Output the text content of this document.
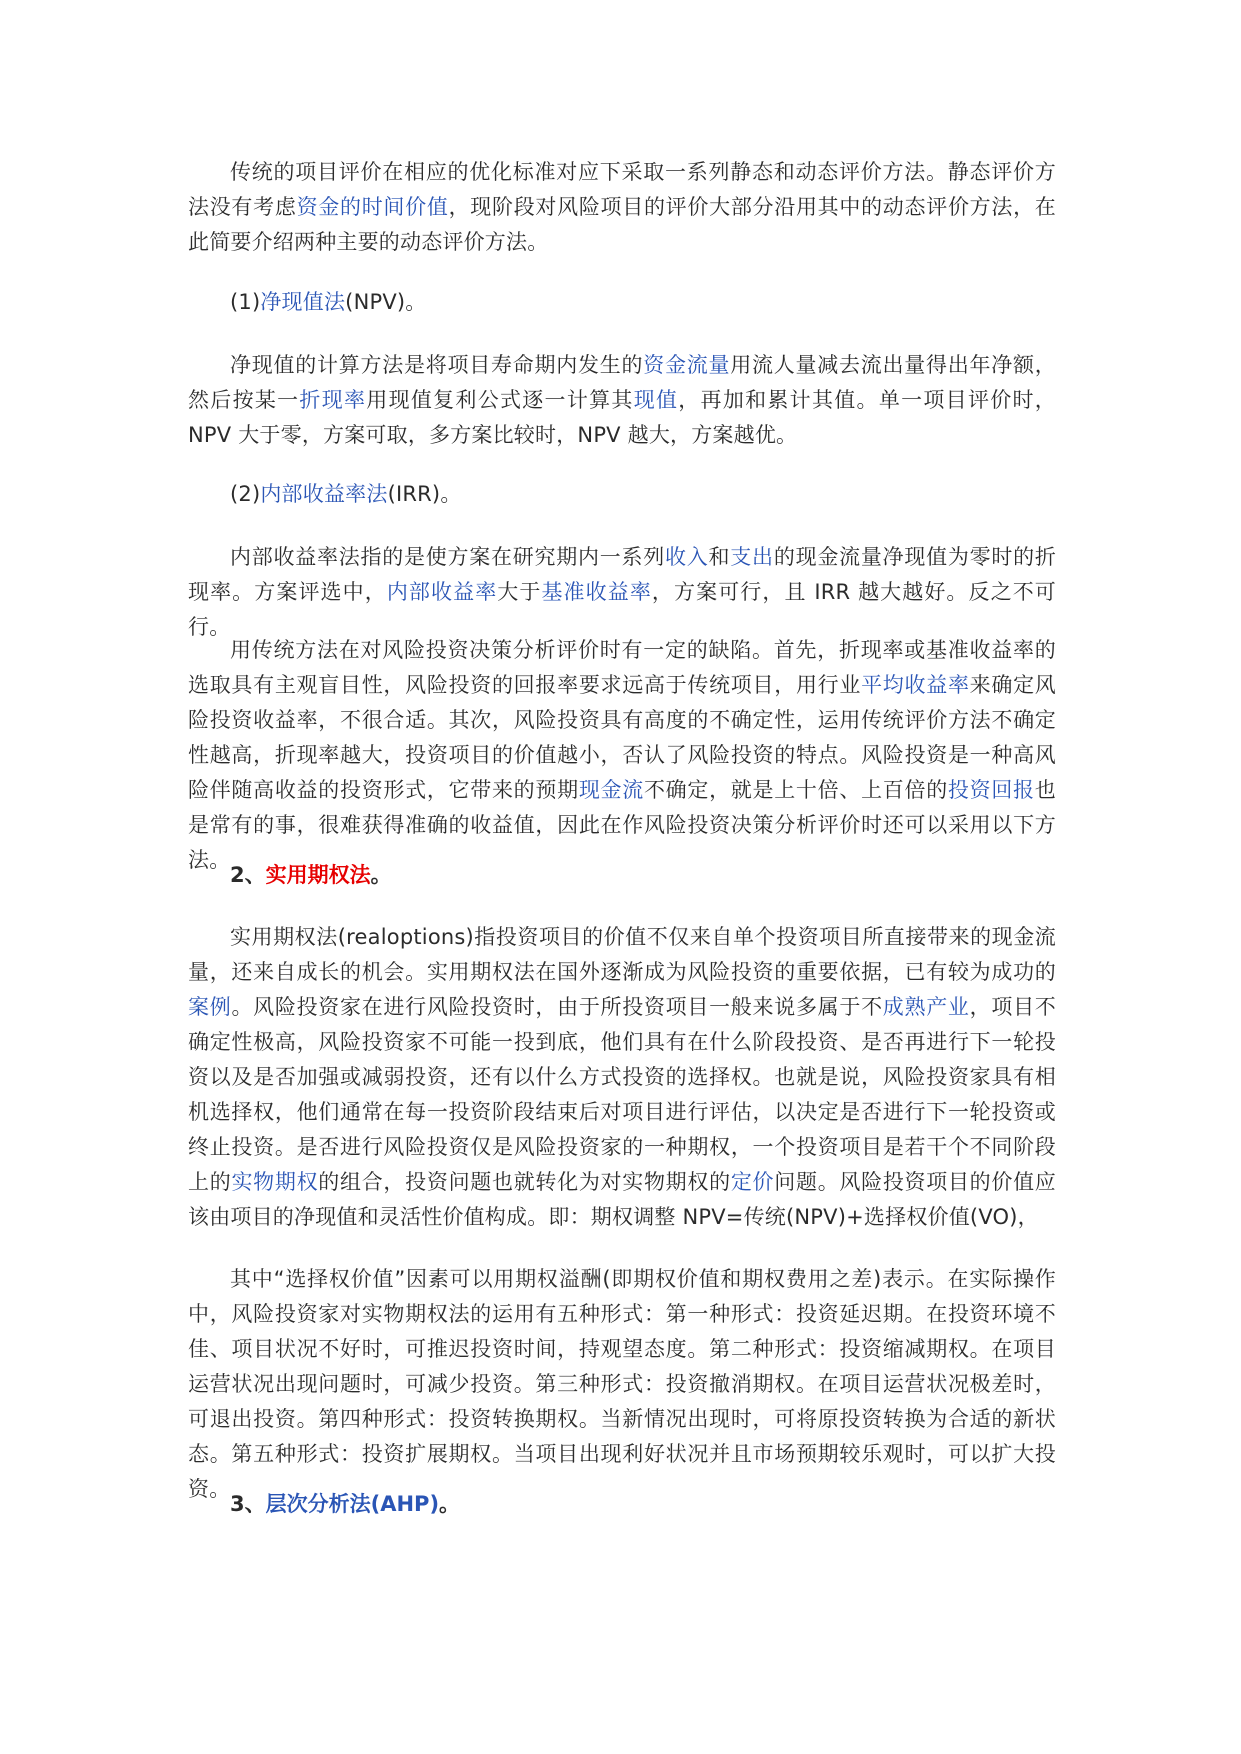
传统的项目评价在相应的优化标准对应下采取一系列静态和动态评价方法。静态评价方法没有考虑资金的时间价值，现阶段对风险项目的评价大部分沿用其中的动态评价方法，在此简要介绍两种主要的动态评价方法。

(1)净现值法(NPV)。

净现值的计算方法是将项目寿命期内发生的资金流量用流人量减去流出量得出年净额，然后按某一折现率用现值复利公式逐一计算其现值，再加和累计其值。单一项目评价时，NPV 大于零，方案可取，多方案比较时，NPV 越大，方案越优。

(2)内部收益率法(IRR)。

内部收益率法指的是使方案在研究期内一系列收入和支出的现金流量净现值为零时的折现率。方案评选中，内部收益率大于基准收益率，方案可行，且 IRR 越大越好。反之不可行。

用传统方法在对风险投资决策分析评价时有一定的缺陷。首先，折现率或基准收益率的选取具有主观盲目性，风险投资的回报率要求远高于传统项目，用行业平均收益率来确定风险投资收益率，不很合适。其次，风险投资具有高度的不确定性，运用传统评价方法不确定性越高，折现率越大，投资项目的价值越小，否认了风险投资的特点。风险投资是一种高风险伴随高收益的投资形式，它带来的预期现金流不确定，就是上十倍、上百倍的投资回报也是常有的事，很难获得准确的收益值，因此在作风险投资决策分析评价时还可以采用以下方法。

2、实用期权法。

实用期权法(realoptions)指投资项目的价值不仅来自单个投资项目所直接带来的现金流量，还来自成长的机会。实用期权法在国外逐渐成为风险投资的重要依据，已有较为成功的案例。风险投资家在进行风险投资时，由于所投资项目一般来说多属于不成熟产业，项目不确定性极高，风险投资家不可能一投到底，他们具有在什么阶段投资、是否再进行下一轮投资以及是否加强或减弱投资，还有以什么方式投资的选择权。也就是说，风险投资家具有相机选择权，他们通常在每一投资阶段结束后对项目进行评估，以决定是否进行下一轮投资或终止投资。是否进行风险投资仅是风险投资家的一种期权，一个投资项目是若干个不同阶段上的实物期权的组合，投资问题也就转化为对实物期权的定价问题。风险投资项目的价值应该由项目的净现值和灵活性价值构成。即：期权调整 NPV=传统(NPV)+选择权价值(VO)，

其中“选择权价值”因素可以用期权溢酬(即期权价值和期权费用之差)表示。在实际操作中，风险投资家对实物期权法的运用有五种形式：第一种形式：投资延迟期。在投资环境不佳、项目状况不好时，可推迟投资时间，持观望态度。第二种形式：投资缩减期权。在项目运营状况出现问题时，可减少投资。第三种形式：投资撤消期权。在项目运营状况极差时，可退出投资。第四种形式：投资转换期权。当新情况出现时，可将原投资转换为合适的新状态。第五种形式：投资扩展期权。当项目出现利好状况并且市场预期较乐观时，可以扩大投资。

3、层次分析法(AHP)。
